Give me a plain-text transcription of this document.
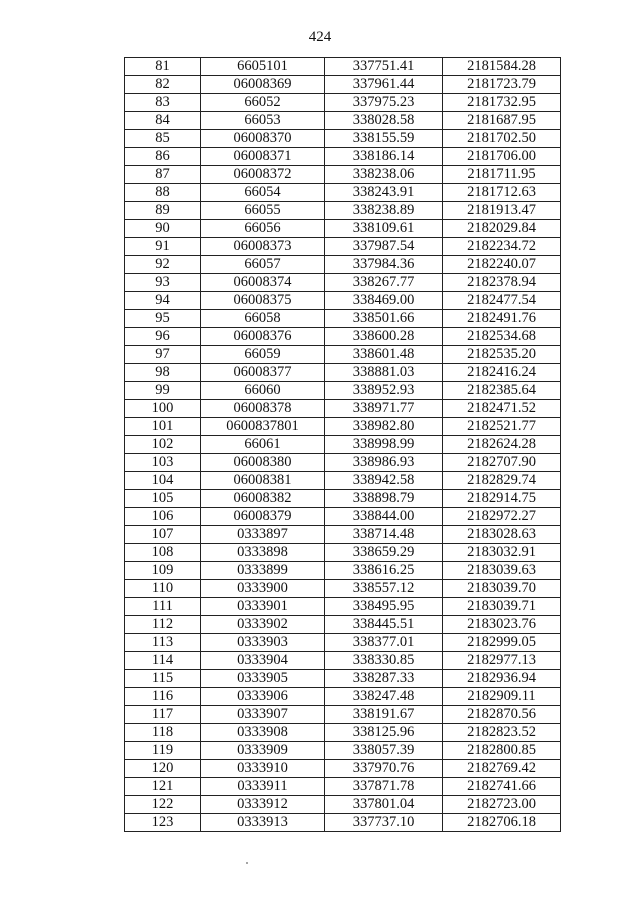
424
81	6605101	337751.41	2181584.28
82	06008369	337961.44	2181723.79
83	66052	337975.23	2181732.95
84	66053	338028.58	2181687.95
85	06008370	338155.59	2181702.50
86	06008371	338186.14	2181706.00
87	06008372	338238.06	2181711.95
88	66054	338243.91	2181712.63
89	66055	338238.89	2181913.47
90	66056	338109.61	2182029.84
91	06008373	337987.54	2182234.72
92	66057	337984.36	2182240.07
93	06008374	338267.77	2182378.94
94	06008375	338469.00	2182477.54
95	66058	338501.66	2182491.76
96	06008376	338600.28	2182534.68
97	66059	338601.48	2182535.20
98	06008377	338881.03	2182416.24
99	66060	338952.93	2182385.64
100	06008378	338971.77	2182471.52
101	0600837801	338982.80	2182521.77
102	66061	338998.99	2182624.28
103	06008380	338986.93	2182707.90
104	06008381	338942.58	2182829.74
105	06008382	338898.79	2182914.75
106	06008379	338844.00	2182972.27
107	0333897	338714.48	2183028.63
108	0333898	338659.29	2183032.91
109	0333899	338616.25	2183039.63
110	0333900	338557.12	2183039.70
111	0333901	338495.95	2183039.71
112	0333902	338445.51	2183023.76
113	0333903	338377.01	2182999.05
114	0333904	338330.85	2182977.13
115	0333905	338287.33	2182936.94
116	0333906	338247.48	2182909.11
117	0333907	338191.67	2182870.56
118	0333908	338125.96	2182823.52
119	0333909	338057.39	2182800.85
120	0333910	337970.76	2182769.42
121	0333911	337871.78	2182741.66
122	0333912	337801.04	2182723.00
123	0333913	337737.10	2182706.18
